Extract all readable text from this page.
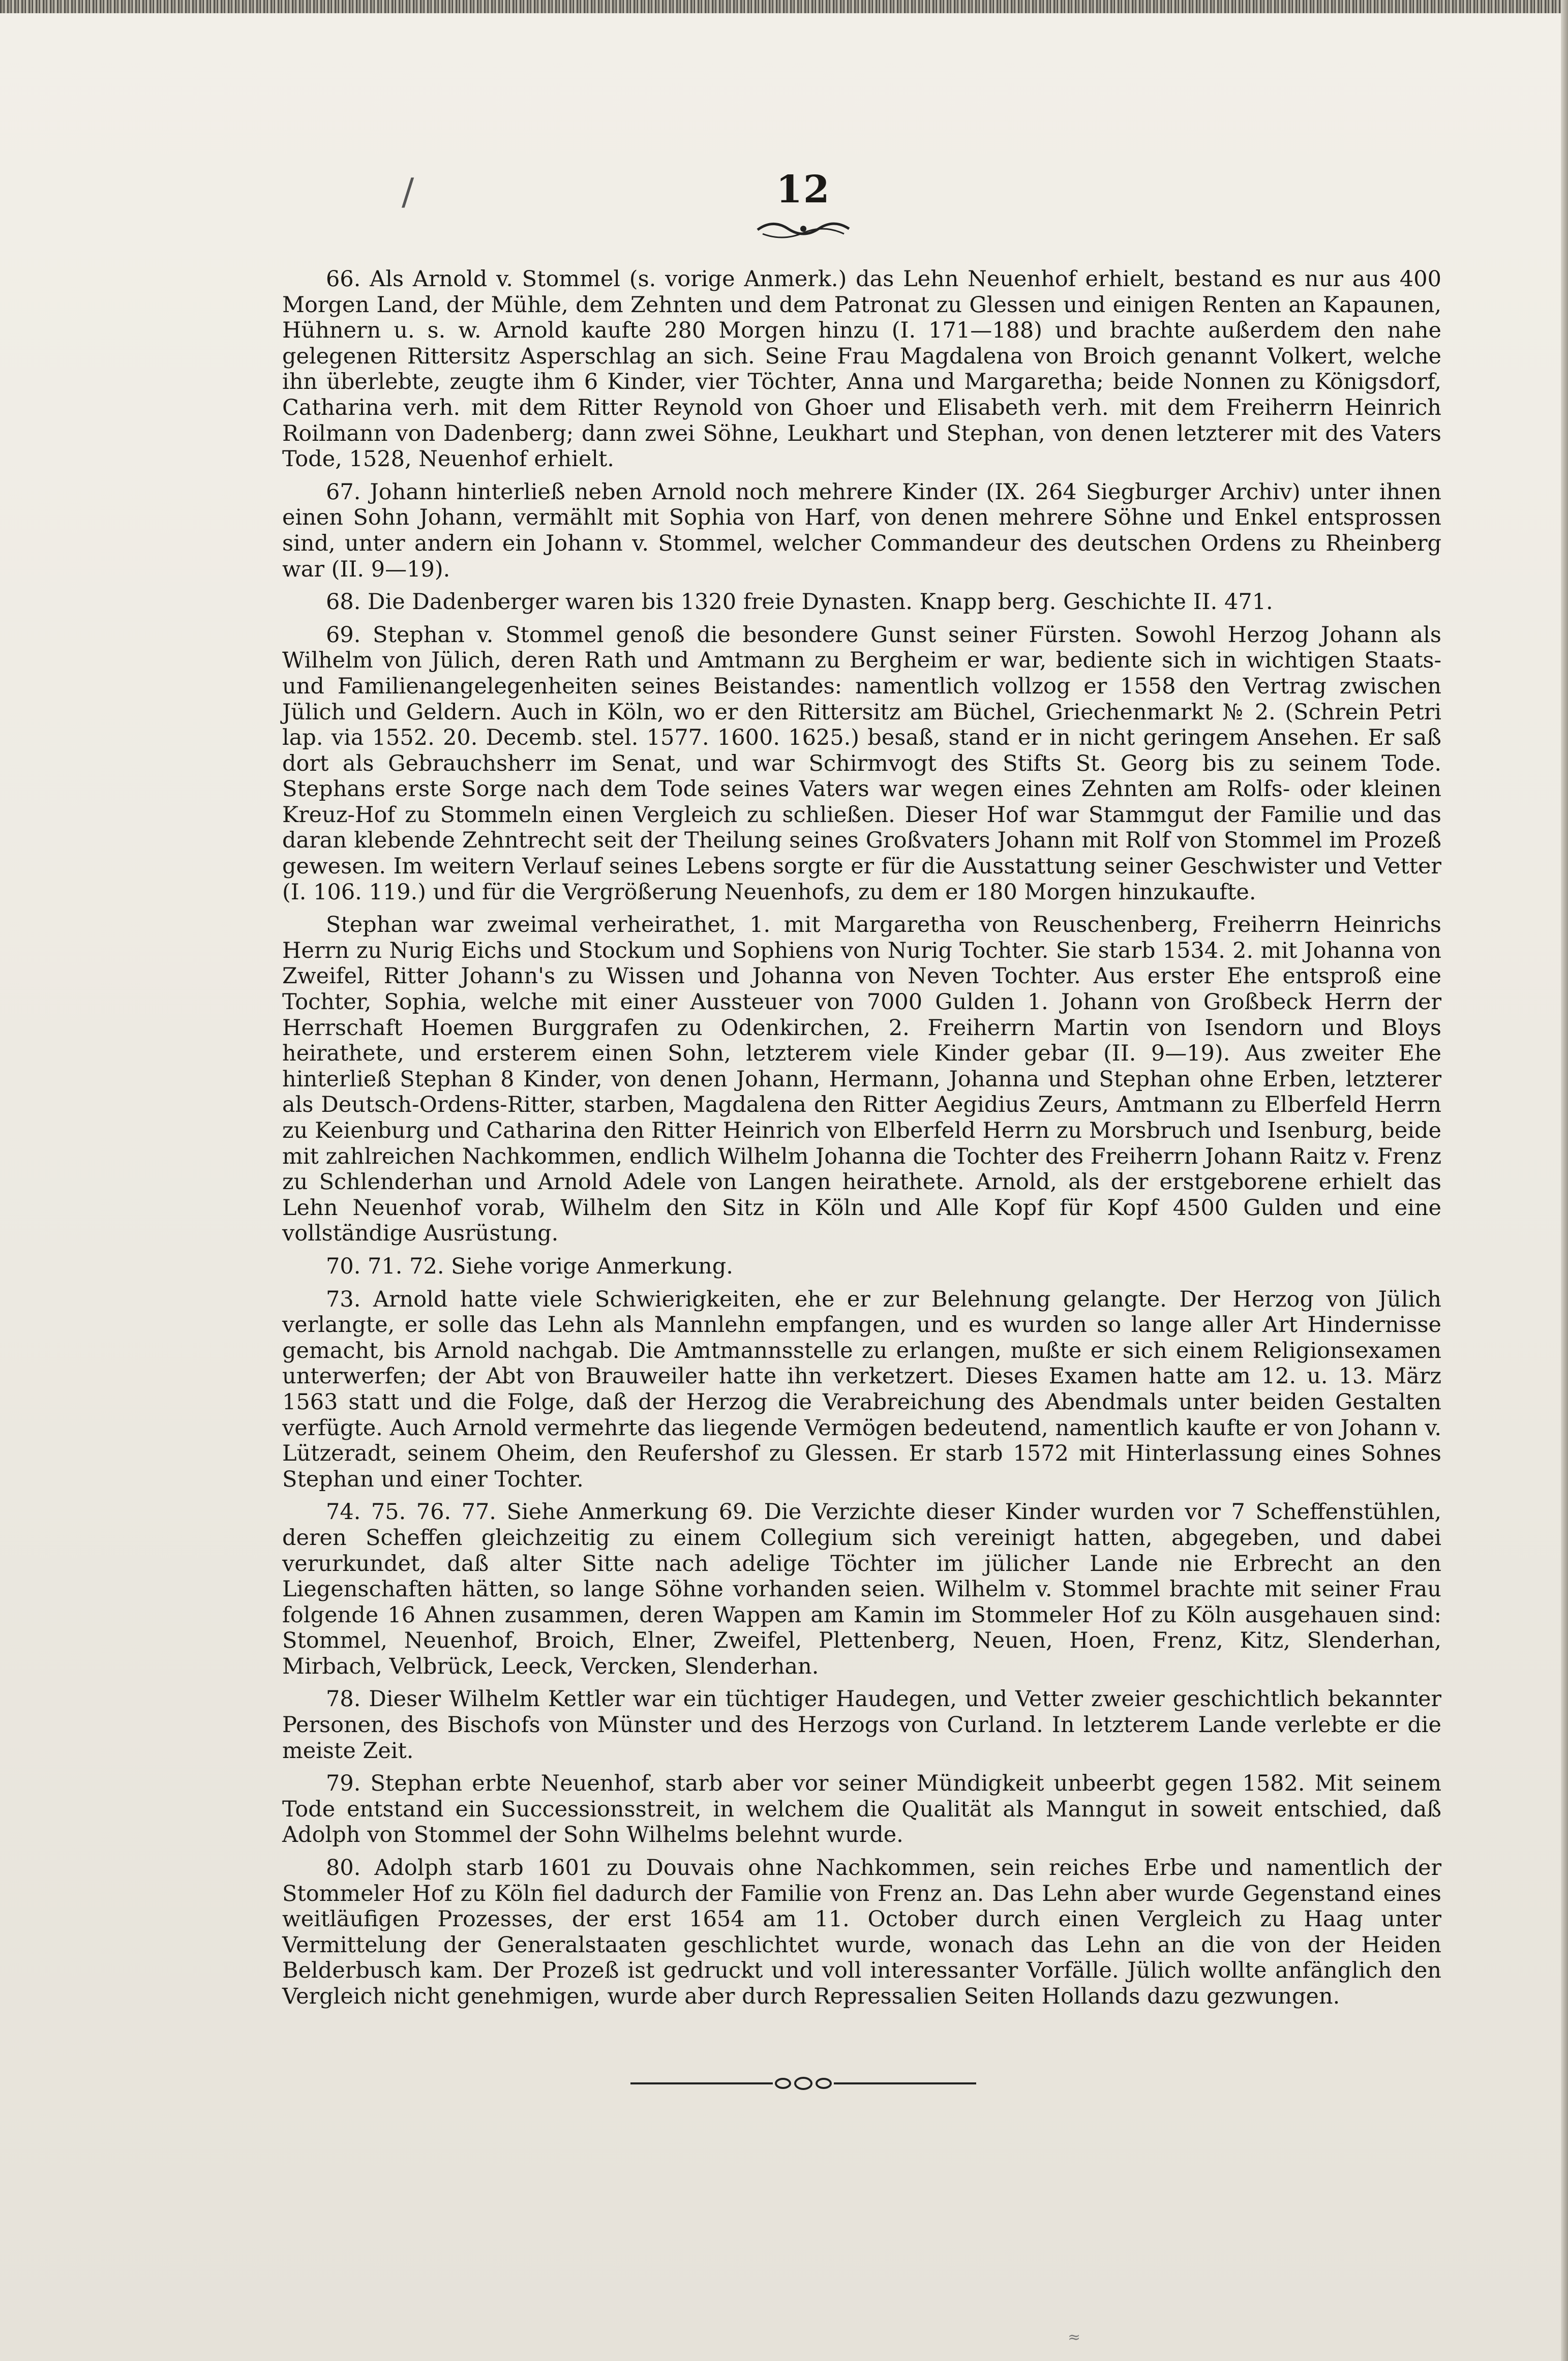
/	12

66. Als Arnold v. Stommel (s. vorige Anmerk.) das Lehn Neuenhof erhielt, bestand es nur aus 400 Morgen Land, der Mühle, dem Zehnten und dem Patronat zu Glessen und einigen Renten an Kapaunen, Hühnern u. s. w. Arnold kaufte 280 Morgen hinzu (I. 171—188) und brachte außerdem den nahe gelegenen Rittersitz Asperschlag an sich. Seine Frau Magdalena von Broich genannt Volkert, welche ihn überlebte, zeugte ihm 6 Kinder, vier Töchter, Anna und Margaretha; beide Nonnen zu Königsdorf, Catharina verh. mit dem Ritter Reynold von Ghoer und Elisabeth verh. mit dem Freiherrn Heinrich Roilmann von Dadenberg; dann zwei Söhne, Leukhart und Stephan, von denen letzterer mit des Vaters Tode, 1528, Neuenhof erhielt.

67. Johann hinterließ neben Arnold noch mehrere Kinder (IX. 264 Siegburger Archiv) unter ihnen einen Sohn Johann, vermählt mit Sophia von Harf, von denen mehrere Söhne und Enkel entsprossen sind, unter andern ein Johann v. Stommel, welcher Commandeur des deutschen Ordens zu Rheinberg war (II. 9—19).

68. Die Dadenberger waren bis 1320 freie Dynasten. Knapp berg. Geschichte II. 471.

69. Stephan v. Stommel genoß die besondere Gunst seiner Fürsten. Sowohl Herzog Johann als Wilhelm von Jülich, deren Rath und Amtmann zu Bergheim er war, bediente sich in wichtigen Staats- und Familienangelegenheiten seines Beistandes: namentlich vollzog er 1558 den Vertrag zwischen Jülich und Geldern. Auch in Köln, wo er den Rittersitz am Büchel, Griechenmarkt № 2. (Schrein Petri lap. via 1552. 20. Decemb. stel. 1577. 1600. 1625.) besaß, stand er in nicht geringem Ansehen. Er saß dort als Gebrauchsherr im Senat, und war Schirmvogt des Stifts St. Georg bis zu seinem Tode. Stephans erste Sorge nach dem Tode seines Vaters war wegen eines Zehnten am Rolfs- oder kleinen Kreuz-Hof zu Stommeln einen Vergleich zu schließen. Dieser Hof war Stammgut der Familie und das daran klebende Zehntrecht seit der Theilung seines Großvaters Johann mit Rolf von Stommel im Prozeß gewesen. Im weitern Verlauf seines Lebens sorgte er für die Ausstattung seiner Geschwister und Vetter (I. 106. 119.) und für die Vergrößerung Neuenhofs, zu dem er 180 Morgen hinzukaufte.

Stephan war zweimal verheirathet, 1. mit Margaretha von Reuschenberg, Freiherrn Heinrichs Herrn zu Nurig Eichs und Stockum und Sophiens von Nurig Tochter. Sie starb 1534. 2. mit Johanna von Zweifel, Ritter Johann's zu Wissen und Johanna von Neven Tochter. Aus erster Ehe entsproß eine Tochter, Sophia, welche mit einer Aussteuer von 7000 Gulden 1. Johann von Großbeck Herrn der Herrschaft Hoemen Burggrafen zu Odenkirchen, 2. Freiherrn Martin von Isendorn und Bloys heirathete, und ersterem einen Sohn, letzterem viele Kinder gebar (II. 9—19). Aus zweiter Ehe hinterließ Stephan 8 Kinder, von denen Johann, Hermann, Johanna und Stephan ohne Erben, letzterer als Deutsch-Ordens-Ritter, starben, Magdalena den Ritter Aegidius Zeurs, Amtmann zu Elberfeld Herrn zu Keienburg und Catharina den Ritter Heinrich von Elberfeld Herrn zu Morsbruch und Isenburg, beide mit zahlreichen Nachkommen, endlich Wilhelm Johanna die Tochter des Freiherrn Johann Raitz v. Frenz zu Schlenderhan und Arnold Adele von Langen heirathete. Arnold, als der erstgeborene erhielt das Lehn Neuenhof vorab, Wilhelm den Sitz in Köln und Alle Kopf für Kopf 4500 Gulden und eine vollständige Ausrüstung.

70. 71. 72. Siehe vorige Anmerkung.

73. Arnold hatte viele Schwierigkeiten, ehe er zur Belehnung gelangte. Der Herzog von Jülich verlangte, er solle das Lehn als Mannlehn empfangen, und es wurden so lange aller Art Hindernisse gemacht, bis Arnold nachgab. Die Amtmannsstelle zu erlangen, mußte er sich einem Religionsexamen unterwerfen; der Abt von Brauweiler hatte ihn verketzert. Dieses Examen hatte am 12. u. 13. März 1563 statt und die Folge, daß der Herzog die Verabreichung des Abendmals unter beiden Gestalten verfügte. Auch Arnold vermehrte das liegende Vermögen bedeutend, namentlich kaufte er von Johann v. Lützeradt, seinem Oheim, den Reufershof zu Glessen. Er starb 1572 mit Hinterlassung eines Sohnes Stephan und einer Tochter.

74. 75. 76. 77. Siehe Anmerkung 69. Die Verzichte dieser Kinder wurden vor 7 Scheffenstühlen, deren Scheffen gleichzeitig zu einem Collegium sich vereinigt hatten, abgegeben, und dabei verurkundet, daß alter Sitte nach adelige Töchter im jülicher Lande nie Erbrecht an den Liegenschaften hätten, so lange Söhne vorhanden seien. Wilhelm v. Stommel brachte mit seiner Frau folgende 16 Ahnen zusammen, deren Wappen am Kamin im Stommeler Hof zu Köln ausgehauen sind: Stommel, Neuenhof, Broich, Elner, Zweifel, Plettenberg, Neuen, Hoen, Frenz, Kitz, Slenderhan, Mirbach, Velbrück, Leeck, Vercken, Slenderhan.

78. Dieser Wilhelm Kettler war ein tüchtiger Haudegen, und Vetter zweier geschichtlich bekannter Personen, des Bischofs von Münster und des Herzogs von Curland. In letzterem Lande verlebte er die meiste Zeit.

79. Stephan erbte Neuenhof, starb aber vor seiner Mündigkeit unbeerbt gegen 1582. Mit seinem Tode entstand ein Successionsstreit, in welchem die Qualität als Manngut in soweit entschied, daß Adolph von Stommel der Sohn Wilhelms belehnt wurde.

80. Adolph starb 1601 zu Douvais ohne Nachkommen, sein reiches Erbe und namentlich der Stommeler Hof zu Köln fiel dadurch der Familie von Frenz an. Das Lehn aber wurde Gegenstand eines weitläufigen Prozesses, der erst 1654 am 11. October durch einen Vergleich zu Haag unter Vermittelung der Generalstaaten geschlichtet wurde, wonach das Lehn an die von der Heiden Belderbusch kam. Der Prozeß ist gedruckt und voll interessanter Vorfälle. Jülich wollte anfänglich den Vergleich nicht genehmigen, wurde aber durch Repressalien Seiten Hollands dazu gezwungen.

≈
